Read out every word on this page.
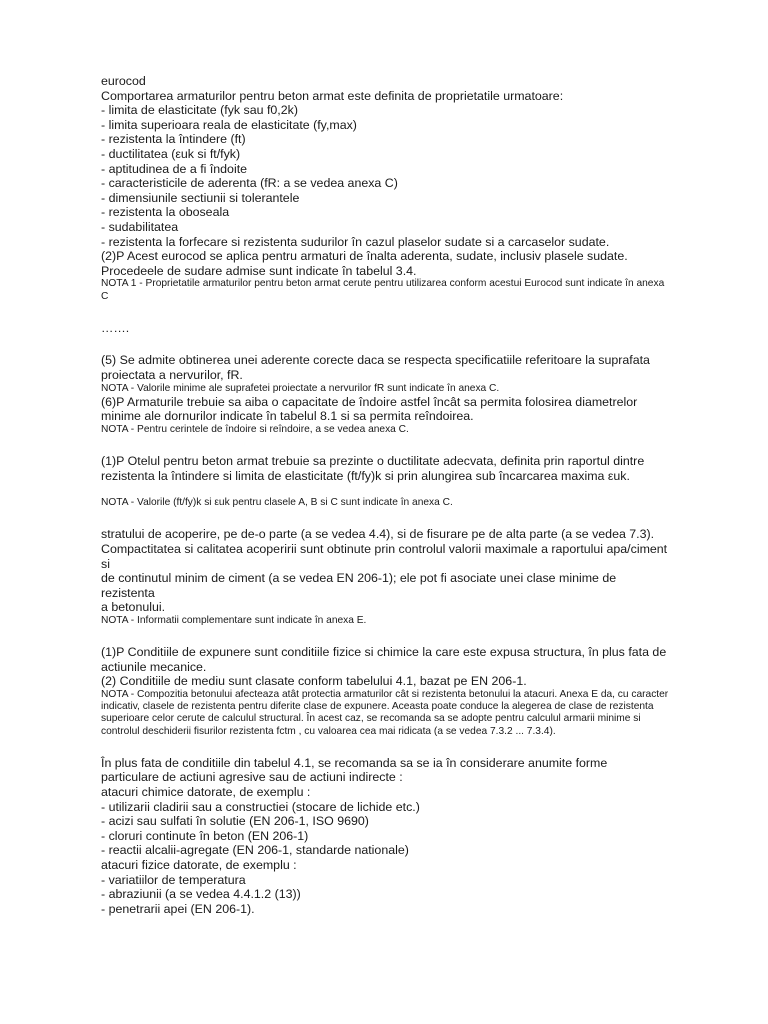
eurocod
Comportarea armaturilor pentru beton armat este definita de proprietatile urmatoare:
- limita de elasticitate (fyk sau f0,2k)
- limita superioara reala de elasticitate (fy,max)
- rezistenta la întindere (ft)
- ductilitatea (εuk si ft/fyk)
- aptitudinea de a fi îndoite
- caracteristicile de aderenta (fR: a se vedea anexa C)
- dimensiunile sectiunii si tolerantele
- rezistenta la oboseala
- sudabilitatea
- rezistenta la forfecare si rezistenta sudurilor în cazul plaselor sudate si a carcaselor sudate.
(2)P Acest eurocod se aplica pentru armaturi de înalta aderenta, sudate, inclusiv plasele sudate.
Procedeele de sudare admise sunt indicate în tabelul 3.4.
NOTA 1 - Proprietatile armaturilor pentru beton armat cerute pentru utilizarea conform acestui Eurocod sunt indicate în anexa C
…….
(5) Se admite obtinerea unei aderente corecte daca se respecta specificatiile referitoare la suprafata proiectata a nervurilor, fR.
NOTA - Valorile minime ale suprafetei proiectate a nervurilor fR sunt indicate în anexa C.
(6)P Armaturile trebuie sa aiba o capacitate de îndoire astfel încât sa permita folosirea diametrelor minime ale dornurilor indicate în tabelul 8.1 si sa permita reîndoirea.
NOTA - Pentru cerintele de îndoire si reîndoire, a se vedea anexa C.
(1)P Otelul pentru beton armat trebuie sa prezinte o ductilitate adecvata, definita prin raportul dintre rezistenta la întindere si limita de elasticitate (ft/fy)k si prin alungirea sub încarcarea maxima εuk.
NOTA - Valorile (ft/fy)k si εuk pentru clasele A, B si C sunt indicate în anexa C.
stratului de acoperire, pe de-o parte (a se vedea 4.4), si de fisurare pe de alta parte (a se vedea 7.3).
Compactitatea si calitatea acoperirii sunt obtinute prin controlul valorii maximale a raportului apa/ciment
si
de continutul minim de ciment (a se vedea EN 206-1); ele pot fi asociate unei clase minime de
rezistenta
a betonului.
NOTA - Informatii complementare sunt indicate în anexa E.
(1)P Conditiile de expunere sunt conditiile fizice si chimice la care este expusa structura, în plus fata de
actiunile mecanice.
(2) Conditiile de mediu sunt clasate conform tabelului 4.1, bazat pe EN 206-1.
NOTA - Compozitia betonului afecteaza atât protectia armaturilor cât si rezistenta betonului la atacuri. Anexa E da, cu caracter indicativ, clasele de rezistenta pentru diferite clase de expunere. Aceasta poate conduce la alegerea de clase de rezistenta superioare celor cerute de calculul structural. În acest caz, se recomanda sa se adopte pentru calculul armarii minime si controlul deschiderii fisurilor rezistenta fctm , cu valoarea cea mai ridicata (a se vedea 7.3.2 ... 7.3.4).
În plus fata de conditiile din tabelul 4.1, se recomanda sa se ia în considerare anumite forme
particulare de actiuni agresive sau de actiuni indirecte :
atacuri chimice datorate, de exemplu :
- utilizarii cladirii sau a constructiei (stocare de lichide etc.)
- acizi sau sulfati în solutie (EN 206-1, ISO 9690)
- cloruri continute în beton (EN 206-1)
- reactii alcalii-agregate (EN 206-1, standarde nationale)
atacuri fizice datorate, de exemplu :
- variatiilor de temperatura
- abraziunii (a se vedea 4.4.1.2 (13))
- penetrarii apei (EN 206-1).
